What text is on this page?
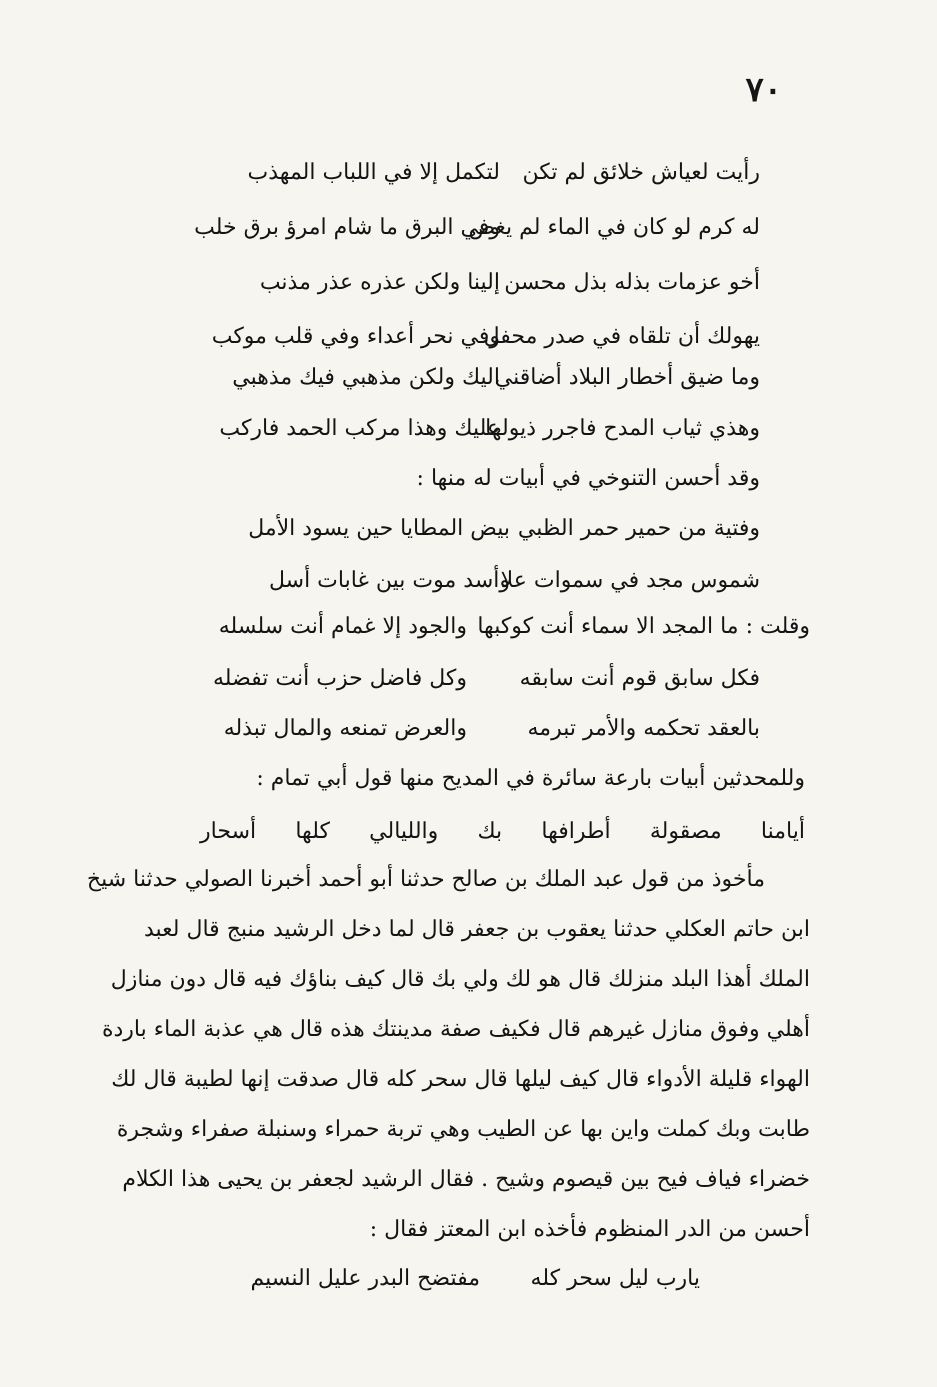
٧٠
رأيت لعياش خلائق لم تكن
لتكمل إلا في اللباب المهذب
له كرم لو كان في الماء لم يغض
وفي البرق ما شام امرؤ برق خلب
أخو عزمات بذله بذل محسن
إلينا ولكن عذره عذر مذنب
يهولك أن تلقاه في صدر محفل
وفي نحر أعداء وفي قلب موكب
وما ضيق أخطار البلاد أضاقني
اليك ولكن مذهبي فيك مذهبي
وهذي ثياب المدح فاجرر ذيولها
عليك وهذا مركب الحمد فاركب
وقد أحسن التنوخي في أبيات له منها :
وفتية من حمير حمر الظبي
بيض المطايا حين يسود الأمل
شموس مجد في سموات علا
وأسد موت بين غابات أسل
وقلت : ما المجد الا سماء أنت كوكبها
والجود إلا غمام أنت سلسله
فكل سابق قوم أنت سابقه
وكل فاضل حزب أنت تفضله
بالعقد تحكمه والأمر تبرمه
والعرض تمنعه والمال تبذله
وللمحدثين أبيات بارعة سائرة في المديح منها قول أبي تمام :
أيامنا
مصقولة
أطرافها
بك
والليالي
كلها
أسحار
مأخوذ من قول عبد الملك بن صالح حدثنا أبو أحمد أخبرنا الصولي حدثنا شيخ
ابن حاتم العكلي حدثنا يعقوب بن جعفر قال لما دخل الرشيد منبج قال لعبد
الملك أهذا البلد منزلك قال هو لك ولي بك قال كيف بناؤك فيه قال دون منازل
أهلي وفوق منازل غيرهم قال فكيف صفة مدينتك هذه قال هي عذبة الماء باردة
الهواء قليلة الأدواء قال كيف ليلها قال سحر كله قال صدقت إنها لطيبة قال لك
طابت وبك كملت واين بها عن الطيب وهي تربة حمراء وسنبلة صفراء وشجرة
خضراء فياف فيح بين قيصوم وشيح . فقال الرشيد لجعفر بن يحيى هذا الكلام
أحسن من الدر المنظوم فأخذه ابن المعتز فقال :
يارب ليل سحر كله
مفتضح البدر عليل النسيم
